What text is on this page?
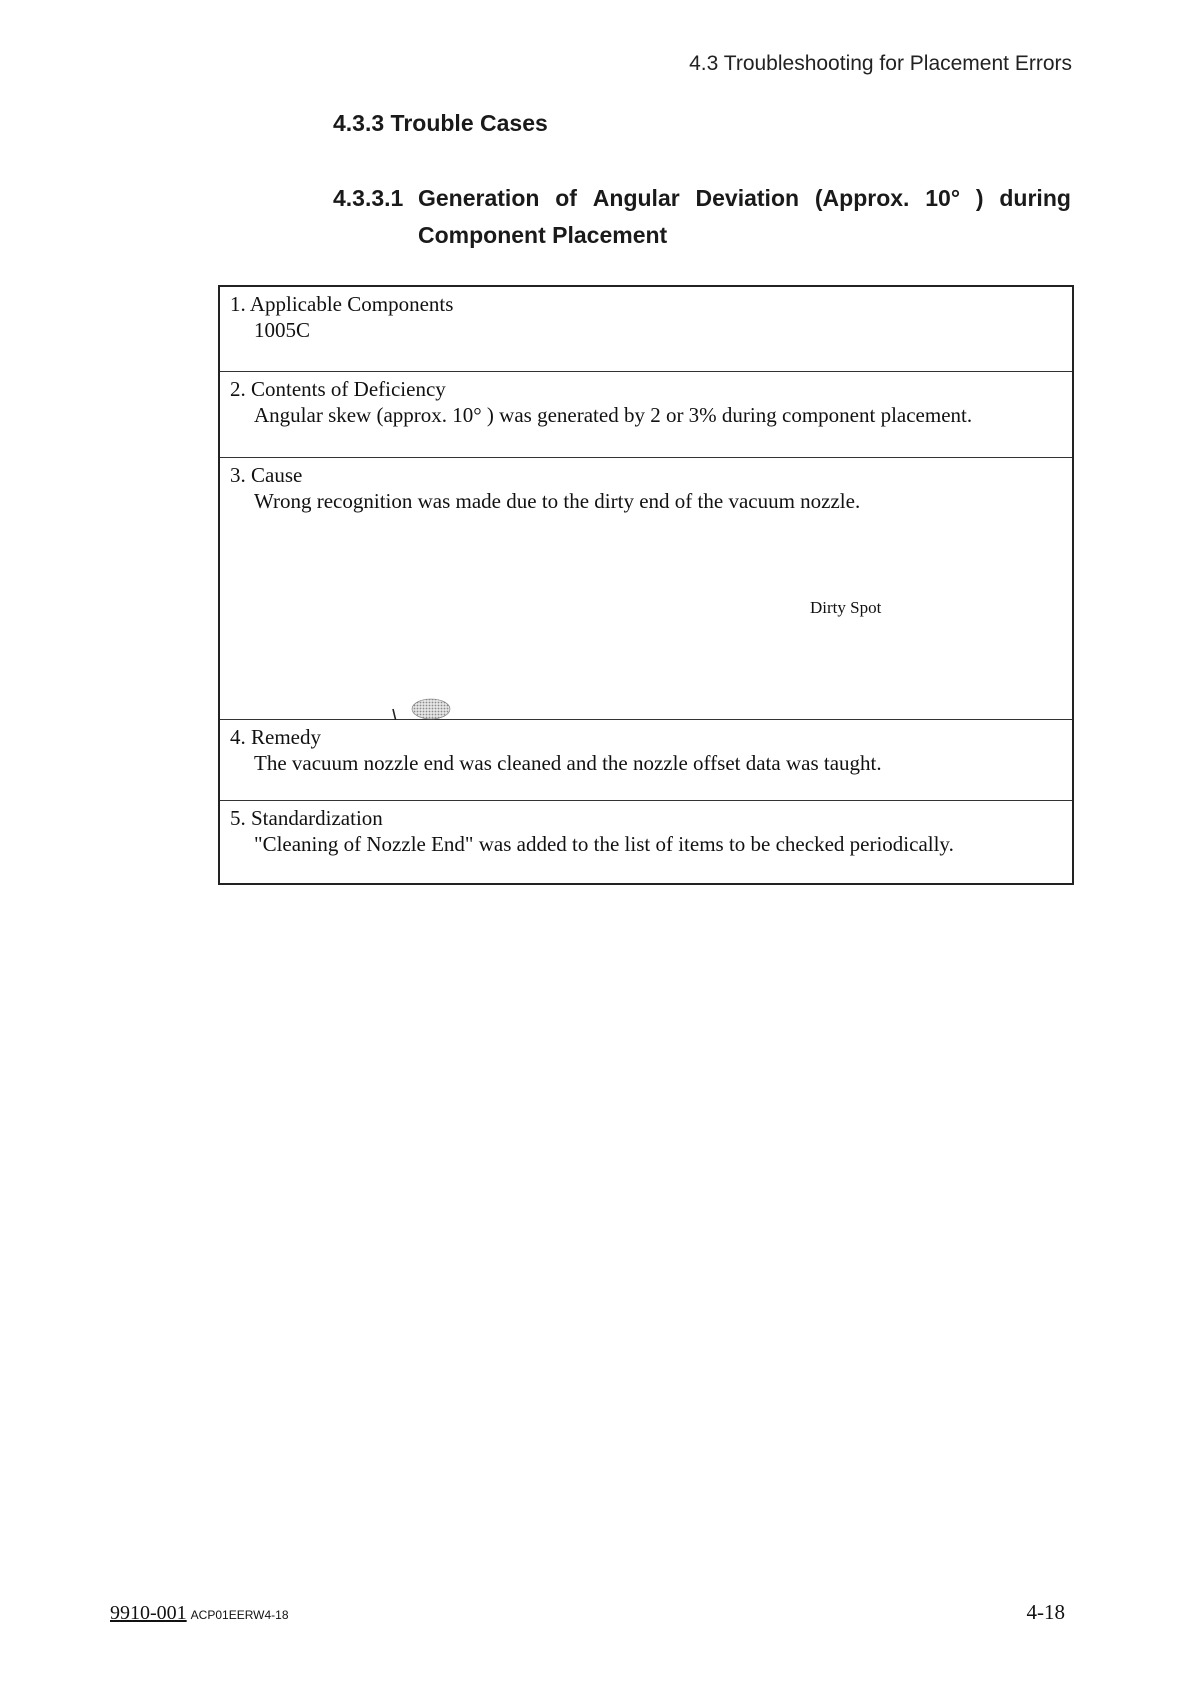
4.3 Troubleshooting for Placement Errors
4.3.3 Trouble Cases
4.3.3.1 Generation of Angular Deviation (Approx. 10° ) during
Component Placement
1. Applicable Components
1005C
2. Contents of Deficiency
Angular skew (approx. 10° ) was generated by 2 or 3% during component placement.
3. Cause
Wrong recognition was made due to the dirty end of the vacuum nozzle.
Dirty Spot
4. Remedy
The vacuum nozzle end was cleaned and the nozzle offset data was taught.
5. Standardization
"Cleaning of Nozzle End" was added to the list of items to be checked periodically.
9910-001 ACP01EERW4-18	4-18
